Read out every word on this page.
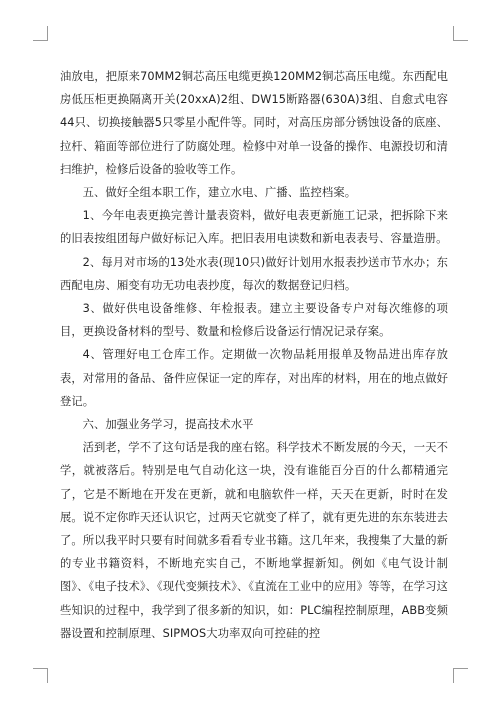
油放电，把原来70MM2铜芯高压电缆更换120MM2铜芯高压电缆。东西配电房低压柜更换隔离开关(20xxA)2组、DW15断路器(630A)3组、自愈式电容44只、切换接触器5只零星小配件等。同时，对高压房部分锈蚀设备的底座、拉杆、箱面等部位进行了防腐处理。检修中对单一设备的操作、电源投切和清扫维护，检修后设备的验收等工作。

五、做好全组本职工作，建立水电、广播、监控档案。

1、今年电表更换完善计量表资料，做好电表更新施工记录，把拆除下来的旧表按组团每户做好标记入库。把旧表用电读数和新电表表号、容量造册。

2、每月对市场的13处水表(现10只)做好计划用水报表抄送市节水办；东西配电房、厢变有功无功电表抄度，每次的数据登记归档。

3、做好供电设备维修、年检报表。建立主要设备专户对每次维修的项目，更换设备材料的型号、数量和检修后设备运行情况记录存案。

4、管理好电工仓库工作。定期做一次物品耗用报单及物品进出库存放表，对常用的备品、备件应保证一定的库存，对出库的材料，用在的地点做好登记。

六、加强业务学习，提高技术水平

活到老，学不了这句话是我的座右铭。科学技术不断发展的今天，一天不学，就被落后。特别是电气自动化这一块，没有谁能百分百的什么都精通完了，它是不断地在开发在更新，就和电脑软件一样，天天在更新，时时在发展。说不定你昨天还认识它，过两天它就变了样了，就有更先进的东东装进去了。所以我平时只要有时间就多看看专业书籍。这几年来，我搜集了大量的新的专业书籍资料，不断地充实自己，不断地掌握新知。例如《电气设计制图》、《电子技术》、《现代变频技术》、《直流在工业中的应用》等等，在学习这些知识的过程中，我学到了很多新的知识，如：PLC编程控制原理，ABB变频器设置和控制原理、SIPMOS大功率双向可控硅的控
